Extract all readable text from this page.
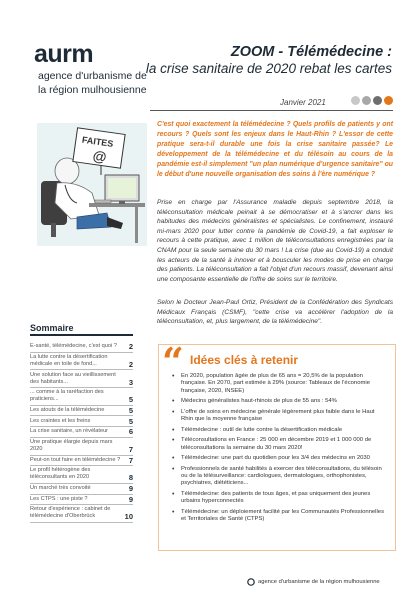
aurm
agence d'urbanisme de
la région mulhousienne
ZOOM - Télémédecine :
la crise sanitaire de 2020 rebat les cartes
Janvier 2021
FAITES
@
C'est quoi exactement la télémédecine ? Quels profils de patients y ont recours ? Quels sont les enjeux dans le Haut-Rhin ? L'essor de cette pratique sera-t-il durable une fois la crise sanitaire passée? Le développement de la télémédecine et du télésoin au cours de la pandémie est-il simplement "un plan numérique d'urgence sanitaire" ou le début d'une nouvelle organisation des soins à l'ère numérique ?
Prise en charge par l'Assurance maladie depuis septembre 2018, la téléconsultation médicale peinait à se démocratiser et à s'ancrer dans les habitudes des médecins généralistes et spécialistes. Le confinement, instauré mi-mars 2020 pour lutter contre la pandémie de Covid-19, a fait exploser le recours à cette pratique, avec 1 million de téléconsultations enregistrées par la CNAM pour la seule semaine du 30 mars ! La crise (due au Covid-19) a conduit les acteurs de la santé à innover et à bousculer les modes de prise en charge des patients. La téléconsultation a fait l'objet d'un recours massif, devenant ainsi une composante essentielle de l'offre de soins sur le territoire.
Selon le Docteur Jean-Paul Ortiz, Président de la Confédération des Syndicats Médicaux Français (CSMF), "cette crise va accélérer l'adoption de la téléconsultation, et, plus largement, de la télémédecine".
Sommaire
E-santé, télémédecine, c'est quoi ?	2
La lutte contre la désertification médicale en toile de fond...	2
Une solution face au vieillissement des habitants...	3
... comme à la raréfaction des praticiens...	5
Les atouts de la télémédecine	5
Les craintes et les freins	5
La crise sanitaire, un révélateur	6
Une pratique élargie depuis mars 2020	7
Peut-on tout faire en télémédecine ?	7
Le profil hétérogène des téléconsultants en 2020	8
Un marché très convoité	9
Les CTPS : une piste ?	9
Retour d'expérience : cabinet de télémédecine d'Oberbrück	10
“ Idées clés à retenir
• En 2020, population âgée de plus de 65 ans = 20,5% de la population française. En 2070, part estimée à 29% (source: Tableaux de l'économie française, 2020, INSEE)
• Médecins généralistes haut-rhinois de plus de 55 ans : 54%
• L'offre de soins en médecine générale légèrement plus faible dans le Haut Rhin que la moyenne française
• Télémédecine : outil de lutte contre la désertification médicale
• Téléconsultations en France : 25 000 en décembre 2019 et 1 000 000 de téléconsultations la semaine du 30 mars 2020!
• Télémédecine: une part du quotidien pour les 3/4 des médecins en 2030
• Professionnels de santé habilités à exercer des téléconsultations, du télésoin ou de la télésurveillance: cardiologues, dermatologues, orthophonistes, psychiatres, diététiciens...
• Télémédecine: des patients de tous âges, et pas uniquement des jeunes urbains hyperconnectés
• Télémédecine: un déploiement facilité par les Communautés Professionnelles et Territoriales de Santé (CTPS)
agence d'urbanisme de la région mulhousienne
